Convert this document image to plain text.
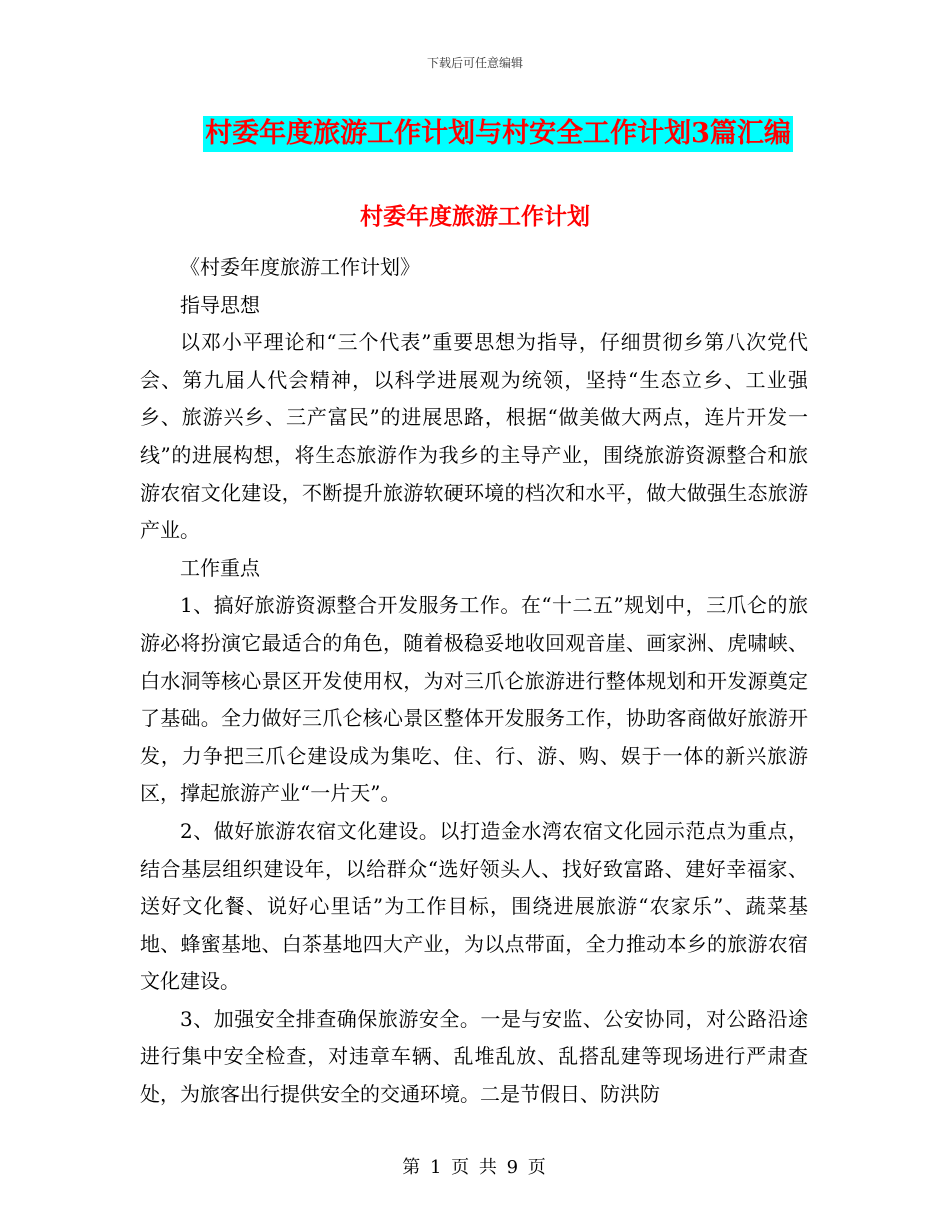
下载后可任意编辑
村委年度旅游工作计划与村安全工作计划3篇汇编
村委年度旅游工作计划

《村委年度旅游工作计划》

指导思想

以邓小平理论和“三个代表”重要思想为指导，仔细贯彻乡第八次党代会、第九届人代会精神，以科学进展观为统领，坚持“生态立乡、工业强乡、旅游兴乡、三产富民”的进展思路，根据“做美做大两点，连片开发一线”的进展构想，将生态旅游作为我乡的主导产业，围绕旅游资源整合和旅游农宿文化建设，不断提升旅游软硬环境的档次和水平，做大做强生态旅游产业。

工作重点

1、搞好旅游资源整合开发服务工作。在“十二五”规划中，三爪仑的旅游必将扮演它最适合的角色，随着极稳妥地收回观音崖、画家洲、虎啸峡、白水洞等核心景区开发使用权，为对三爪仑旅游进行整体规划和开发源奠定了基础。全力做好三爪仑核心景区整体开发服务工作，协助客商做好旅游开发，力争把三爪仑建设成为集吃、住、行、游、购、娱于一体的新兴旅游区，撑起旅游产业“一片天”。

2、做好旅游农宿文化建设。以打造金水湾农宿文化园示范点为重点，结合基层组织建设年，以给群众“选好领头人、找好致富路、建好幸福家、送好文化餐、说好心里话”为工作目标，围绕进展旅游“农家乐”、蔬菜基地、蜂蜜基地、白茶基地四大产业，为以点带面，全力推动本乡的旅游农宿文化建设。

3、加强安全排查确保旅游安全。一是与安监、公安协同，对公路沿途进行集中安全检查，对违章车辆、乱堆乱放、乱搭乱建等现场进行严肃查处，为旅客出行提供安全的交通环境。二是节假日、防洪防

第 1 页 共 9 页
